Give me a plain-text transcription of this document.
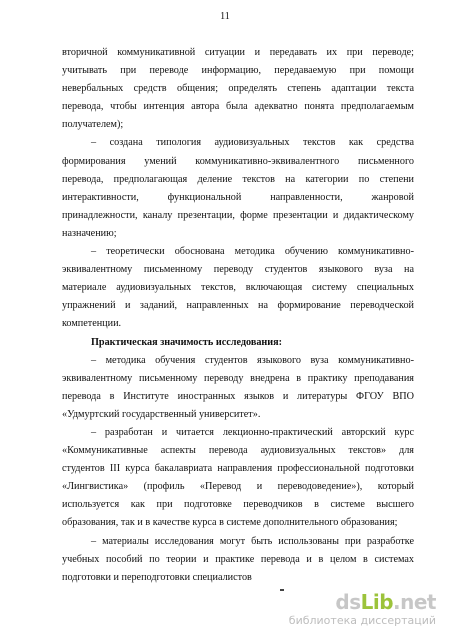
11

вторичной коммуникативной ситуации и передавать их при переводе;

учитывать при переводе информацию, передаваемую при помощи

невербальных средств общения; определять степень адаптации текста

перевода, чтобы интенция автора была адекватно понята предполагаемым

получателем);

– создана типология аудиовизуальных текстов как средства

формирования умений коммуникативно-эквивалентного письменного

перевода, предполагающая деление текстов на категории по степени

интерактивности, функциональной направленности, жанровой

принадлежности, каналу презентации, форме презентации и дидактическому

назначению;

– теоретически обоснована методика обучению коммуникативно-

эквивалентному письменному переводу студентов языкового вуза на

материале аудиовизуальных текстов, включающая систему специальных

упражнений и заданий, направленных на формирование переводческой

компетенции.

Практическая значимость исследования:

– методика обучения студентов языкового вуза коммуникативно-

эквивалентному письменному переводу внедрена в практику преподавания

перевода в Институте иностранных языков и литературы ФГОУ ВПО

«Удмуртский государственный университет».

– разработан и читается лекционно-практический авторский курс

«Коммуникативные аспекты перевода аудиовизуальных текстов» для

студентов III курса бакалавриата направления профессиональной подготовки

«Лингвистика» (профиль «Перевод и переводоведение»), который

используется как при подготовке переводчиков в системе высшего

образования, так и в качестве курса в системе дополнительного образования;

– материалы исследования могут быть использованы при разработке

учебных пособий по теории и практике перевода и в целом в системах

подготовки и переподготовки специалистов

dsLib.net
библиотека диссертаций
